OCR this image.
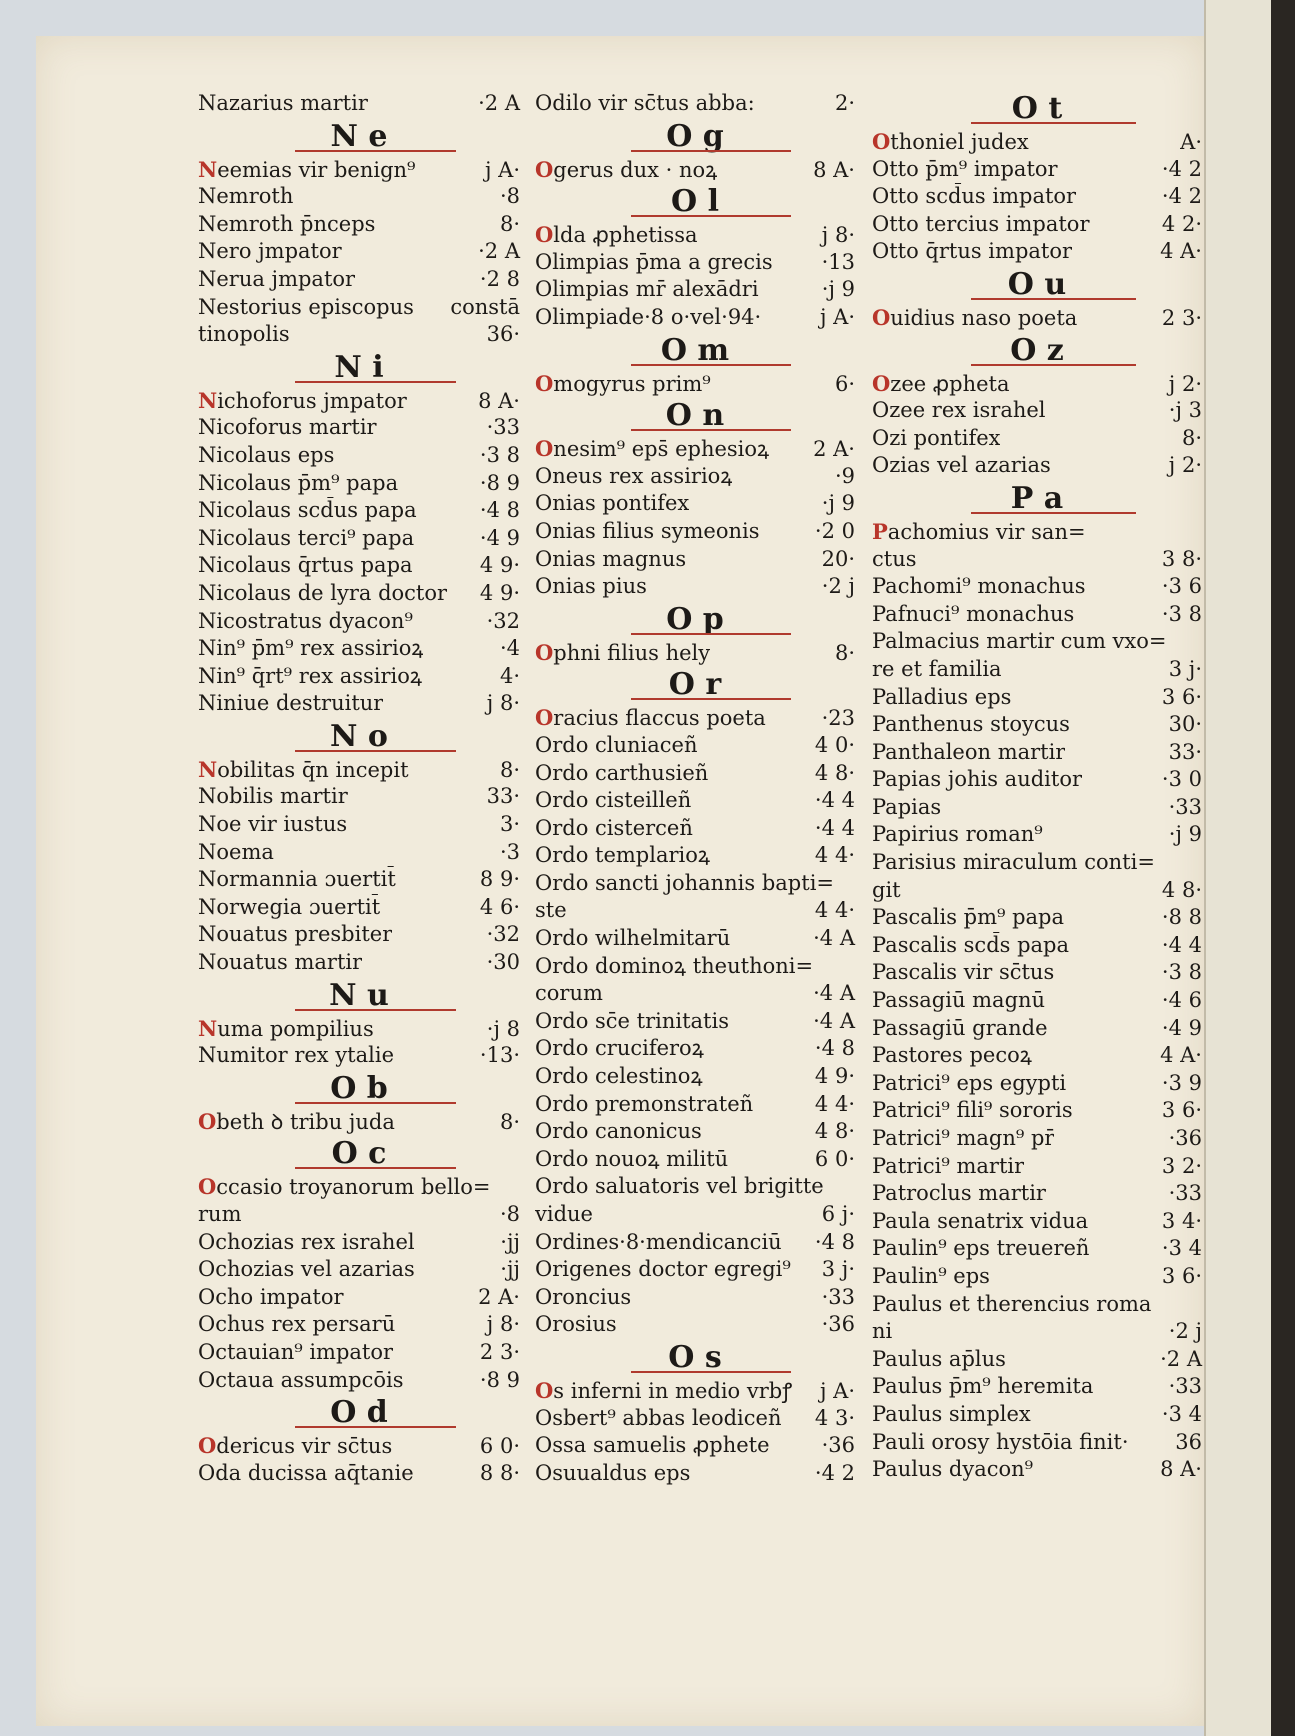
Nazarius martir	·2 A
N e
Neemias vir benign⁹	j A·
Nemroth	·8
Nemroth p̄nceps	8·
Nero jmpator	·2 A
Nerua jmpator	·2 8
Nestorius episcopus constā
tinopolis	36·
N i
Nichoforus jmpator	8 A·
Nicoforus martir	·33
Nicolaus eps	·3 8
Nicolaus p̄m⁹ papa	·8 9
Nicolaus scd̄us papa	·4 8
Nicolaus terci⁹ papa	·4 9
Nicolaus q̄rtus papa	4 9·
Nicolaus de lyra doctor 4 9·
Nicostratus dyacon⁹	·32
Nin⁹ p̄m⁹ rex assirioꝝ	·4
Nin⁹ q̄rt⁹ rex assirioꝝ	4·
Niniue destruitur	j 8·
N o
Nobilitas q̄n incepit	8·
Nobilis martir	33·
Noe vir iustus	3·
Noema	·3
Normannia ɔuertit̄	8 9·
Norwegia ɔuertit̄	4 6·
Nouatus presbiter	·32
Nouatus martir	·30
N u
Numa pompilius	·j 8
Numitor rex ytalie	·13·
O b
Obeth ꝺ tribu juda	8·
O c
Occasio troyanorum bello=
rum	·8
Ochozias rex israhel	·jj
Ochozias vel azarias	·jj
Ocho impator	2 A·
Ochus rex persarū	j 8·
Octauian⁹ impator	2 3·
Octaua assumpcōis	·8 9
O d
Odericus vir sc̄tus	6 0·
Oda ducissa aq̄tanie	8 8·
Odilo vir sc̄tus abba:	2·
O g
Ogerus dux · noꝝ	8 A·
O l
Olda ꝓphetissa	j 8·
Olimpias p̄ma a grecis ·13
Olimpias mr̄ alexādri	·j 9
Olimpiade·8 o·vel·94·	j A·
O m
Omogyrus prim⁹	6·
O n
Onesim⁹ eps̄ ephesioꝝ 2 A·
Oneus rex assirioꝝ	·9
Onias pontifex	·j 9
Onias filius symeonis	·2 0
Onias magnus	20·
Onias pius	·2 j
O p
Ophni filius hely	8·
O r
Oracius flaccus poeta	·23
Ordo cluniaceñ	4 0·
Ordo carthusieñ	4 8·
Ordo cisteilleñ	·4 4
Ordo cisterceñ	·4 4
Ordo templarioꝝ	4 4·
Ordo sancti johannis bapti=
ste	4 4·
Ordo wilhelmitarū	·4 A
Ordo dominoꝝ theuthoni=
corum	·4 A
Ordo sc̄e trinitatis	·4 A
Ordo cruciferoꝝ	·4 8
Ordo celestinoꝝ	4 9·
Ordo premonstrateñ	4 4·
Ordo canonicus	4 8·
Ordo nouoꝝ militū	6 0·
Ordo saluatoris vel brigitte
vidue	6 j·
Ordines·8·mendicanciū ·4 8
Origenes doctor egregi⁹ 3 j·
Oroncius	·33
Orosius	·36
O s
Os inferni in medio vrbꝭ j A·
Osbert⁹ abbas leodiceñ 4 3·
Ossa samuelis ꝓphete ·36
Osuualdus eps	·4 2
O t
Othoniel judex	A·
Otto p̄m⁹ impator	·4 2
Otto scd̄us impator	·4 2
Otto tercius impator	4 2·
Otto q̄rtus impator	4 A·
O u
Ouidius naso poeta	2 3·
O z
Ozee ꝓpheta	j 2·
Ozee rex israhel	·j 3
Ozi pontifex	8·
Ozias vel azarias	j 2·
P a
Pachomius vir san=
ctus	3 8·
Pachomi⁹ monachus	·3 6
Pafnuci⁹ monachus	·3 8
Palmacius martir cum vxo=
re et familia	3 j·
Palladius eps	3 6·
Panthenus stoycus	30·
Panthaleon martir	33·
Papias johis auditor	·3 0
Papias	·33
Papirius roman⁹	·j 9
Parisius miraculum conti=
git	4 8·
Pascalis p̄m⁹ papa	·8 8
Pascalis scd̄s papa	·4 4
Pascalis vir sc̄tus	·3 8
Passagiū magnū	·4 6
Passagiū grande	·4 9
Pastores pecoꝝ	4 A·
Patrici⁹ eps egypti	·3 9
Patrici⁹ fili⁹ sororis	3 6·
Patrici⁹ magn⁹ pr̄	·36
Patrici⁹ martir	3 2·
Patroclus martir	·33
Paula senatrix vidua	3 4·
Paulin⁹ eps treuereñ	·3 4
Paulin⁹ eps	3 6·
Paulus et therencius roma
ni	·2 j
Paulus ap̄lus	·2 A
Paulus p̄m⁹ heremita	·33
Paulus simplex	·3 4
Pauli orosy hystōia finit· 36
Paulus dyacon⁹	8 A·
